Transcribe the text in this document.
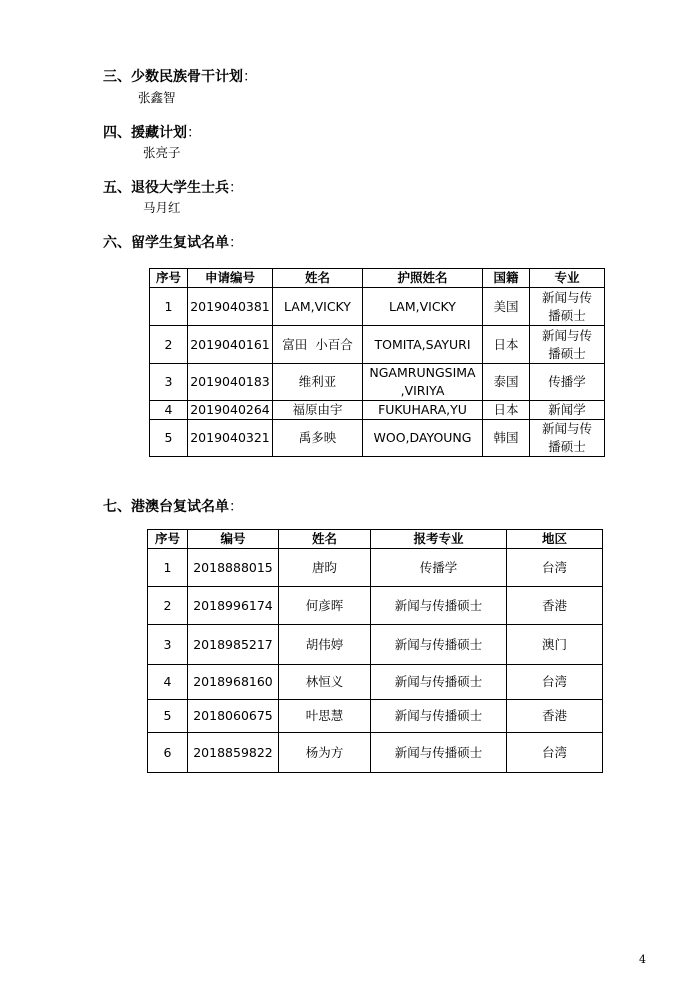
三、少数民族骨干计划：
张鑫智
四、援藏计划：
张亮子
五、退役大学生士兵：
马月红
六、留学生复试名单：
序号	申请编号	姓名	护照姓名	国籍	专业
1	2019040381	LAM,VICKY	LAM,VICKY	美国	新闻与传
播硕士

2	2019040161	富田  小百合	TOMITA,SAYURI	日本	新闻与传
播硕士

3	2019040183	维利亚	NGAMRUNGSIMA
,VIRIYA	泰国	传播学

4	2019040264	福原由宇	FUKUHARA,YU	日本	新闻学

5	2019040321	禹多映	WOO,DAYOUNG	韩国	新闻与传
播硕士
七、港澳台复试名单：
序号	编号	姓名	报考专业	地区
1	2018888015	唐昀	传播学	台湾
2	2018996174	何彦晖	新闻与传播硕士	香港
3	2018985217	胡伟婷	新闻与传播硕士	澳门
4	2018968160	林恒义	新闻与传播硕士	台湾
5	2018060675	叶思慧	新闻与传播硕士	香港
6	2018859822	杨为方	新闻与传播硕士	台湾
4
